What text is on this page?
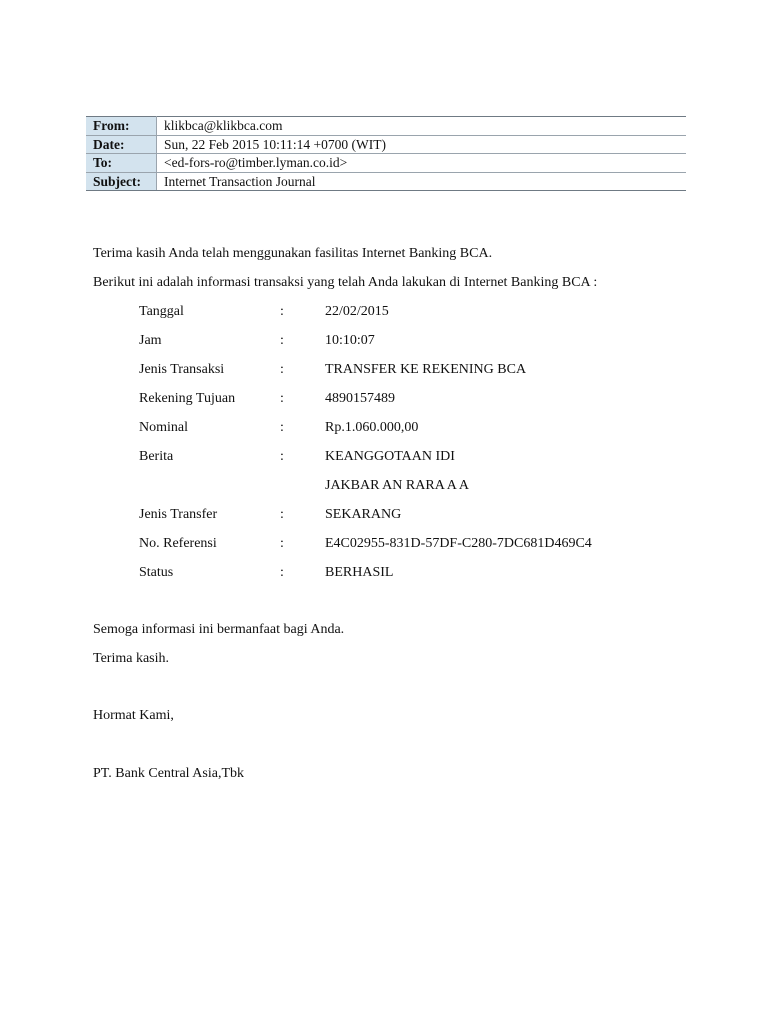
From:	klikbca@klikbca.com
Date:	Sun, 22 Feb 2015 10:11:14 +0700 (WIT)
To:	<ed-fors-ro@timber.lyman.co.id>
Subject:	Internet Transaction Journal
Terima kasih Anda telah menggunakan fasilitas Internet Banking BCA.
Berikut ini adalah informasi transaksi yang telah Anda lakukan di Internet Banking BCA :
Tanggal	:	22/02/2015
Jam	:	10:10:07
Jenis Transaksi	:	TRANSFER KE REKENING BCA
Rekening Tujuan	:	4890157489
Nominal	:	Rp.1.060.000,00
Berita	:	KEANGGOTAAN IDI
JAKBAR AN RARA A A
Jenis Transfer	:	SEKARANG
No. Referensi	:	E4C02955-831D-57DF-C280-7DC681D469C4
Status	:	BERHASIL
Semoga informasi ini bermanfaat bagi Anda.
Terima kasih.
Hormat Kami,
PT. Bank Central Asia,Tbk
